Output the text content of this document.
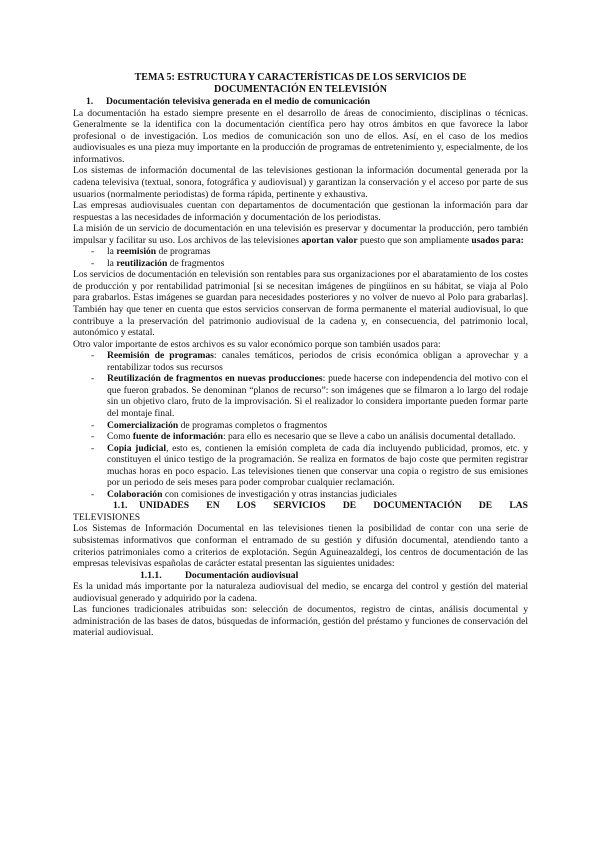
TEMA 5: ESTRUCTURA Y CARACTERÍSTICAS DE LOS SERVICIOS DE
DOCUMENTACIÓN EN TELEVISIÓN
1.	Documentación televisiva generada en el medio de comunicación

La documentación ha estado siempre presente en el desarrollo de áreas de conocimiento, disciplinas o técnicas. Generalmente se la identifica con la documentación científica pero hay otros ámbitos en que favorece la labor profesional o de investigación. Los medios de comunicación son uno de ellos. Así, en el caso de los medios audiovisuales es una pieza muy importante en la producción de programas de entretenimiento y, especialmente, de los informativos.

Los sistemas de información documental de las televisiones gestionan la información documental generada por la cadena televisiva (textual, sonora, fotográfica y audiovisual) y garantizan la conservación y el acceso por parte de sus usuarios (normalmente periodistas) de forma rápida, pertinente y exhaustiva.

Las empresas audiovisuales cuentan con departamentos de documentación que gestionan la información para dar respuestas a las necesidades de información y documentación de los periodistas.

La misión de un servicio de documentación en una televisión es preservar y documentar la producción, pero también impulsar y facilitar su uso. Los archivos de las televisiones aportan valor puesto que son ampliamente usados para:

-	la reemisión de programas
-	la reutilización de fragmentos

Los servicios de documentación en televisión son rentables para sus organizaciones por el abaratamiento de los costes de producción y por rentabilidad patrimonial [si se necesitan imágenes de pingüinos en su hábitat, se viaja al Polo para grabarlos. Estas imágenes se guardan para necesidades posteriores y no volver de nuevo al Polo para grabarlas]. También hay que tener en cuenta que estos servicios conservan de forma permanente el material audiovisual, lo que contribuye a la preservación del patrimonio audiovisual de la cadena y, en consecuencia, del patrimonio local, autonómico y estatal.

Otro valor importante de estos archivos es su valor económico porque son también usados para:

-	Reemisión de programas: canales temáticos, periodos de crisis económica obligan a aprovechar y a rentabilizar todos sus recursos
-	Reutilización de fragmentos en nuevas producciones: puede hacerse con independencia del motivo con el que fueron grabados. Se denominan “planos de recurso”: son imágenes que se filmaron a lo largo del rodaje sin un objetivo claro, fruto de la improvisación. Si el realizador lo considera importante pueden formar parte del montaje final.
-	Comercialización de programas completos o fragmentos
-	Como fuente de información: para ello es necesario que se lleve a cabo un análisis documental detallado.
-	Copia judicial, esto es, contienen la emisión completa de cada día incluyendo publicidad, promos, etc. y constituyen el único testigo de la programación. Se realiza en formatos de bajo coste que permiten registrar muchas horas en poco espacio. Las televisiones tienen que conservar una copia o registro de sus emisiones por un periodo de seis meses para poder comprobar cualquier reclamación.
-	Colaboración con comisiones de investigación y otras instancias judiciales
1.1.	UNIDADES EN LOS SERVICIOS DE DOCUMENTACIÓN DE LAS
TELEVISIONES

Los Sistemas de Información Documental en las televisiones tienen la posibilidad de contar con una serie de subsistemas informativos que conforman el entramado de su gestión y difusión documental, atendiendo tanto a criterios patrimoniales como a criterios de explotación. Según Aguineazaldegi, los centros de documentación de las empresas televisivas españolas de carácter estatal presentan las siguientes unidades:

1.1.1.	Documentación audiovisual

Es la unidad más importante por la naturaleza audiovisual del medio, se encarga del control y gestión del material audiovisual generado y adquirido por la cadena.

Las funciones tradicionales atribuidas son: selección de documentos, registro de cintas, análisis documental y administración de las bases de datos, búsquedas de información, gestión del préstamo y funciones de conservación del material audiovisual.
